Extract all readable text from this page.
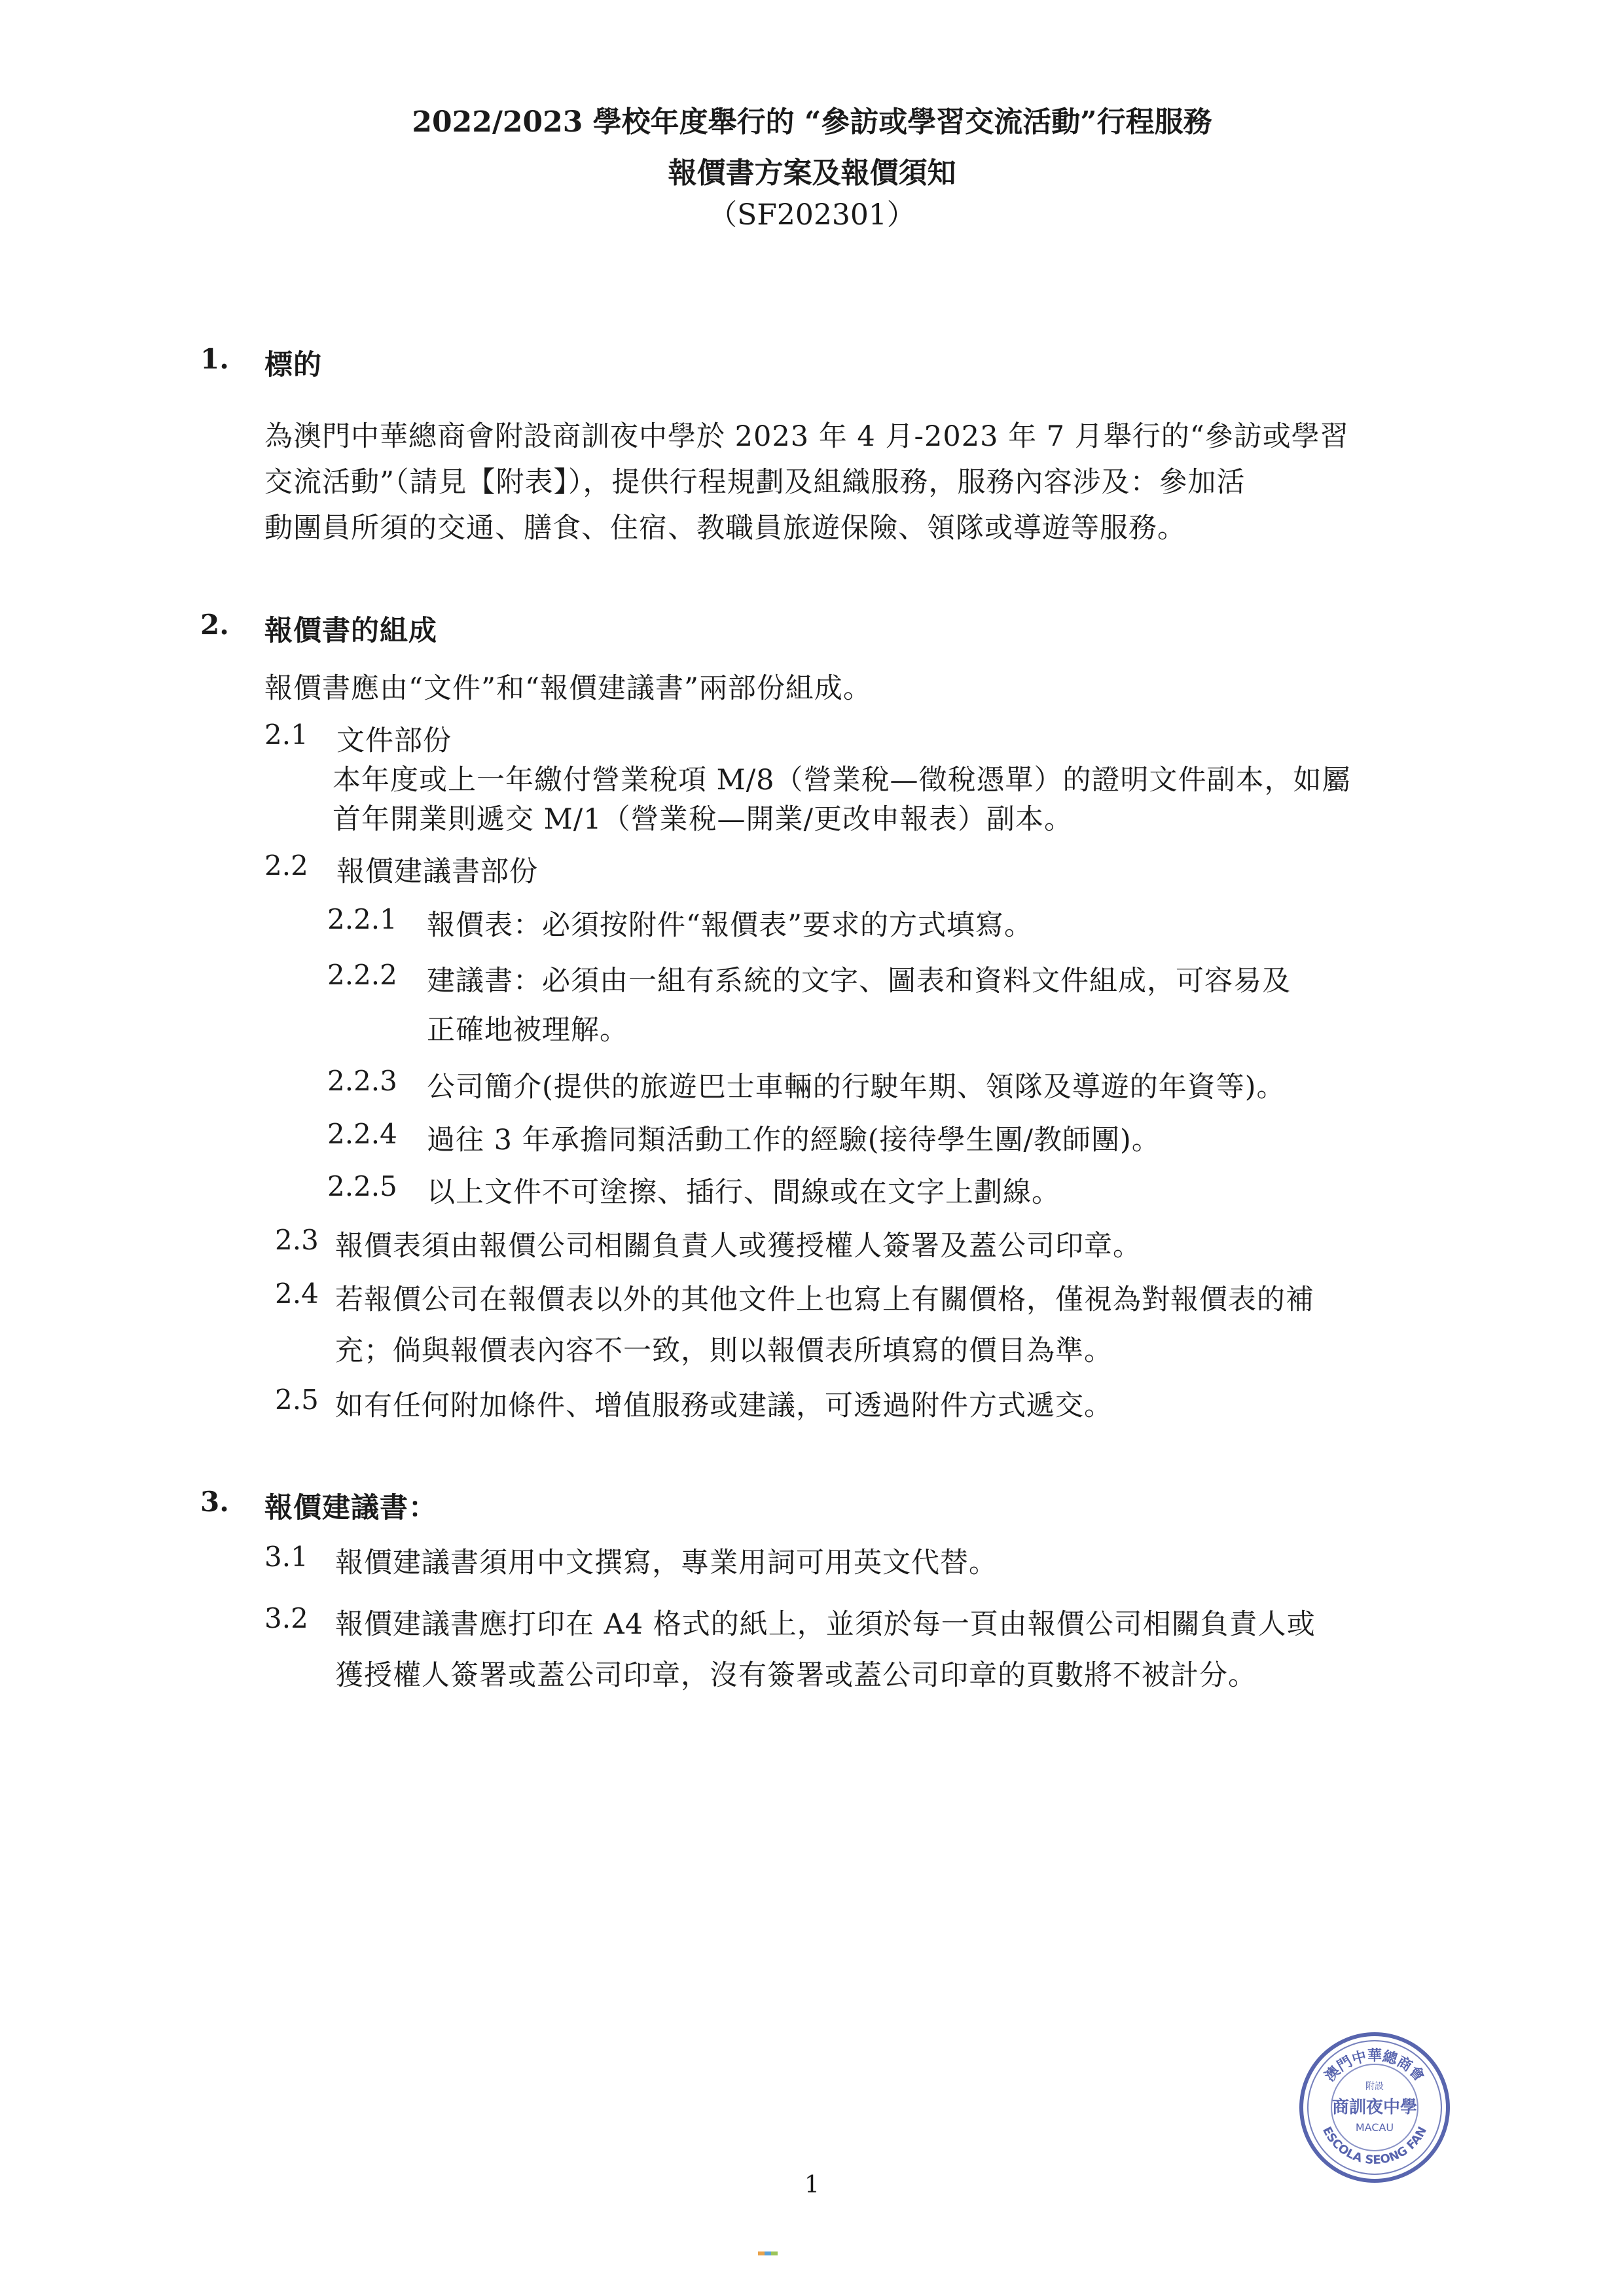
2022/2023 學校年度舉行的 “參訪或學習交流活動”行程服務
報價書方案及報價須知
（SF202301）
1. 標的
為澳門中華總商會附設商訓夜中學於 2023 年 4 月-2023 年 7 月舉行的“參訪或學習
交流活動”（請見【附表】），提供行程規劃及組織服務，服務內容涉及：參加活
動團員所須的交通、膳食、住宿、教職員旅遊保險、領隊或導遊等服務。
2. 報價書的組成
報價書應由“文件”和“報價建議書”兩部份組成。
2.1 文件部份
本年度或上一年繳付營業稅項 M/8（營業稅—徵稅憑單）的證明文件副本，如屬
首年開業則遞交 M/1（營業稅—開業/更改申報表）副本。
2.2 報價建議書部份
2.2.1 報價表：必須按附件“報價表”要求的方式填寫。
2.2.2 建議書：必須由一組有系統的文字、圖表和資料文件組成，可容易及
正確地被理解。
2.2.3 公司簡介(提供的旅遊巴士車輛的行駛年期、領隊及導遊的年資等)。
2.2.4 過往 3 年承擔同類活動工作的經驗(接待學生團/教師團)。
2.2.5 以上文件不可塗擦、插行、間線或在文字上劃線。
2.3 報價表須由報價公司相關負責人或獲授權人簽署及蓋公司印章。
2.4 若報價公司在報價表以外的其他文件上也寫上有關價格，僅視為對報價表的補
充；倘與報價表內容不一致，則以報價表所填寫的價目為準。
2.5 如有任何附加條件、增值服務或建議，可透過附件方式遞交。
3. 報價建議書：
3.1 報價建議書須用中文撰寫，專業用詞可用英文代替。
3.2 報價建議書應打印在 A4 格式的紙上，並須於每一頁由報價公司相關負責人或
獲授權人簽署或蓋公司印章，沒有簽署或蓋公司印章的頁數將不被計分。
澳門中華總商會
附設
商訓夜中學
MACAU
ESCOLA SEONG FAN
1
